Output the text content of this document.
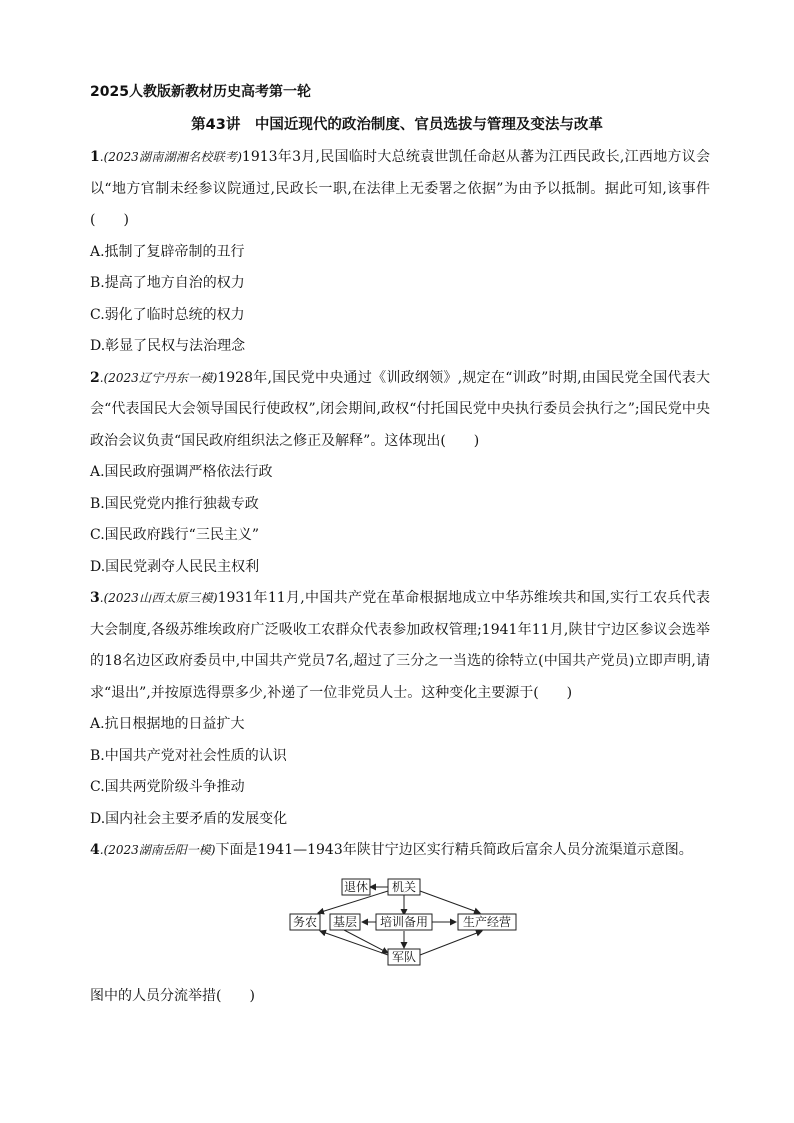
2025人教版新教材历史高考第一轮
第43讲　中国近现代的政治制度、官员选拔与管理及变法与改革

1.(2023湖南湖湘名校联考)1913年3月,民国临时大总统袁世凯任命赵从蕃为江西民政长,江西地方议会以“地方官制未经参议院通过,民政长一职,在法律上无委署之依据”为由予以抵制。据此可知,该事件(　　)

A.抵制了复辟帝制的丑行

B.提高了地方自治的权力

C.弱化了临时总统的权力

D.彰显了民权与法治理念

2.(2023辽宁丹东一模)1928年,国民党中央通过《训政纲领》,规定在“训政”时期,由国民党全国代表大会“代表国民大会领导国民行使政权”,闭会期间,政权“付托国民党中央执行委员会执行之”;国民党中央政治会议负责“国民政府组织法之修正及解释”。这体现出(　　)

A.国民政府强调严格依法行政

B.国民党党内推行独裁专政

C.国民政府践行“三民主义”

D.国民党剥夺人民民主权利

3.(2023山西太原三模)1931年11月,中国共产党在革命根据地成立中华苏维埃共和国,实行工农兵代表大会制度,各级苏维埃政府广泛吸收工农群众代表参加政权管理;1941年11月,陕甘宁边区参议会选举的18名边区政府委员中,中国共产党员7名,超过了三分之一当选的徐特立(中国共产党员)立即声明,请求“退出”,并按原选得票多少,补递了一位非党员人士。这种变化主要源于(　　)

A.抗日根据地的日益扩大

B.中国共产党对社会性质的认识

C.国共两党阶级斗争推动

D.国内社会主要矛盾的发展变化

4.(2023湖南岳阳一模)下面是1941—1943年陕甘宁边区实行精兵简政后富余人员分流渠道示意图。

退休 机关
务农 基层 培训备用	生产经营
军队

图中的人员分流举措(　　)
